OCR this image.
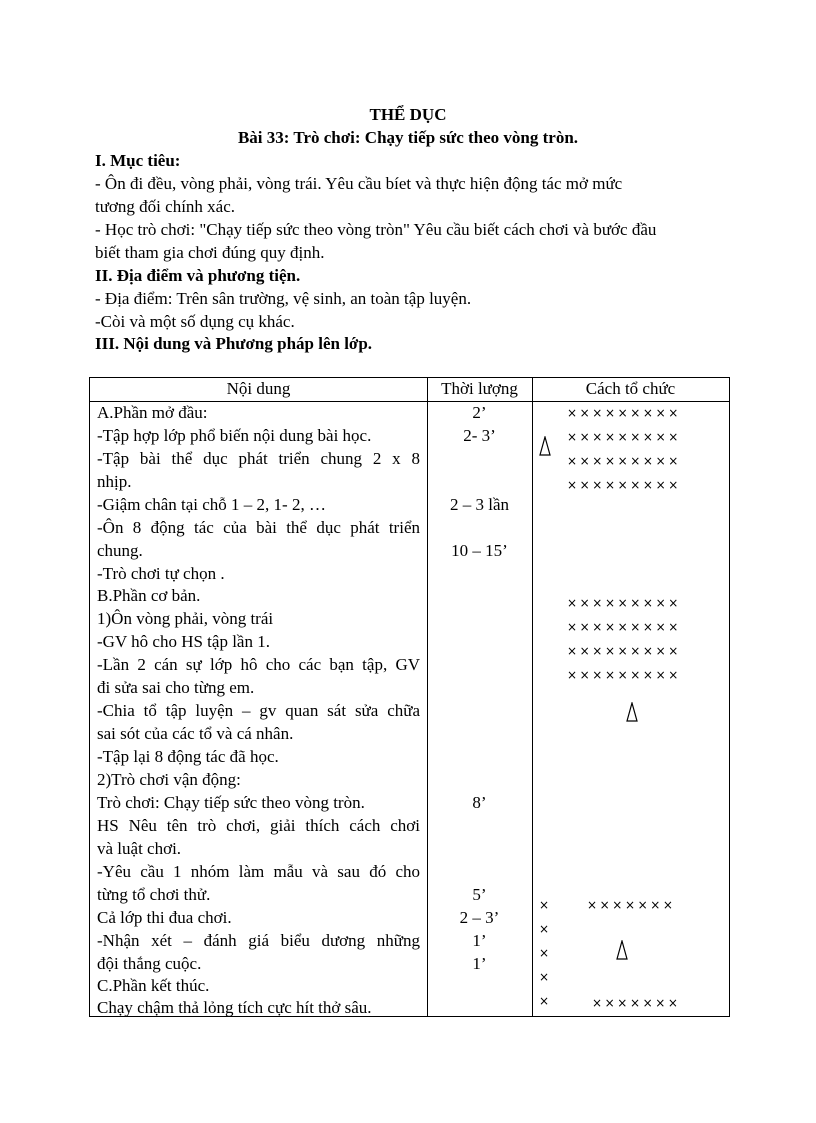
THỂ DỤC
Bài 33: Trò chơi: Chạy tiếp sức theo vòng tròn.
I. Mục tiêu:
- Ôn đi đều, vòng phải, vòng trái. Yêu cầu bíet và thực hiện động tác mở mức
tương đối chính xác.
- Học trò chơi: "Chạy tiếp sức theo vòng tròn" Yêu cầu biết cách chơi và bước đầu
biết tham gia chơi đúng quy định.
II. Địa điểm và phương tiện.
- Địa điểm: Trên sân trường, vệ sinh, an toàn tập luyện.
-Còi và một số dụng cụ khác.
III. Nội dung và Phương pháp lên lớp.
Nội dung	Thời lượng	Cách tổ chức
A.Phần mở đầu:
-Tập hợp lớp phổ biến nội dung bài học.
-Tập bài thể dục phát triển chung 2 x 8
nhịp.
-Giậm chân tại chỗ 1 – 2, 1- 2, …
-Ôn 8 động tác của bài thể dục phát triển
chung.
-Trò chơi tự chọn .
B.Phần cơ bản.
1)Ôn vòng phải, vòng trái
-GV hô cho HS tập lần 1.
-Lần 2 cán sự lớp hô cho các bạn tập, GV
đi sửa sai cho từng em.
-Chia tổ tập luyện – gv quan sát sửa chữa
sai sót của các tổ và cá nhân.
-Tập lại 8 động tác đã học.
2)Trò chơi vận động:
Trò chơi: Chạy tiếp sức theo vòng tròn.
HS Nêu tên trò chơi, giải thích cách chơi
và luật chơi.
-Yêu cầu 1 nhóm làm mẫu và sau đó cho
từng tổ chơi thử.
Cả lớp thi đua chơi.
-Nhận xét – đánh giá biểu dương những
đội thắng cuộc.
C.Phần kết thúc.
Chạy chậm thả lỏng tích cực hít thở sâu.
2’
2- 3’
2 – 3 lần
10 – 15’
8’
5’
2 – 3’
1’
1’
×××××××××
×××××××××
×××××××××
×××××××××
×××××××××
×××××××××
×××××××××
×××××××××
×
×
×
×
×
×××××××
×××××××
